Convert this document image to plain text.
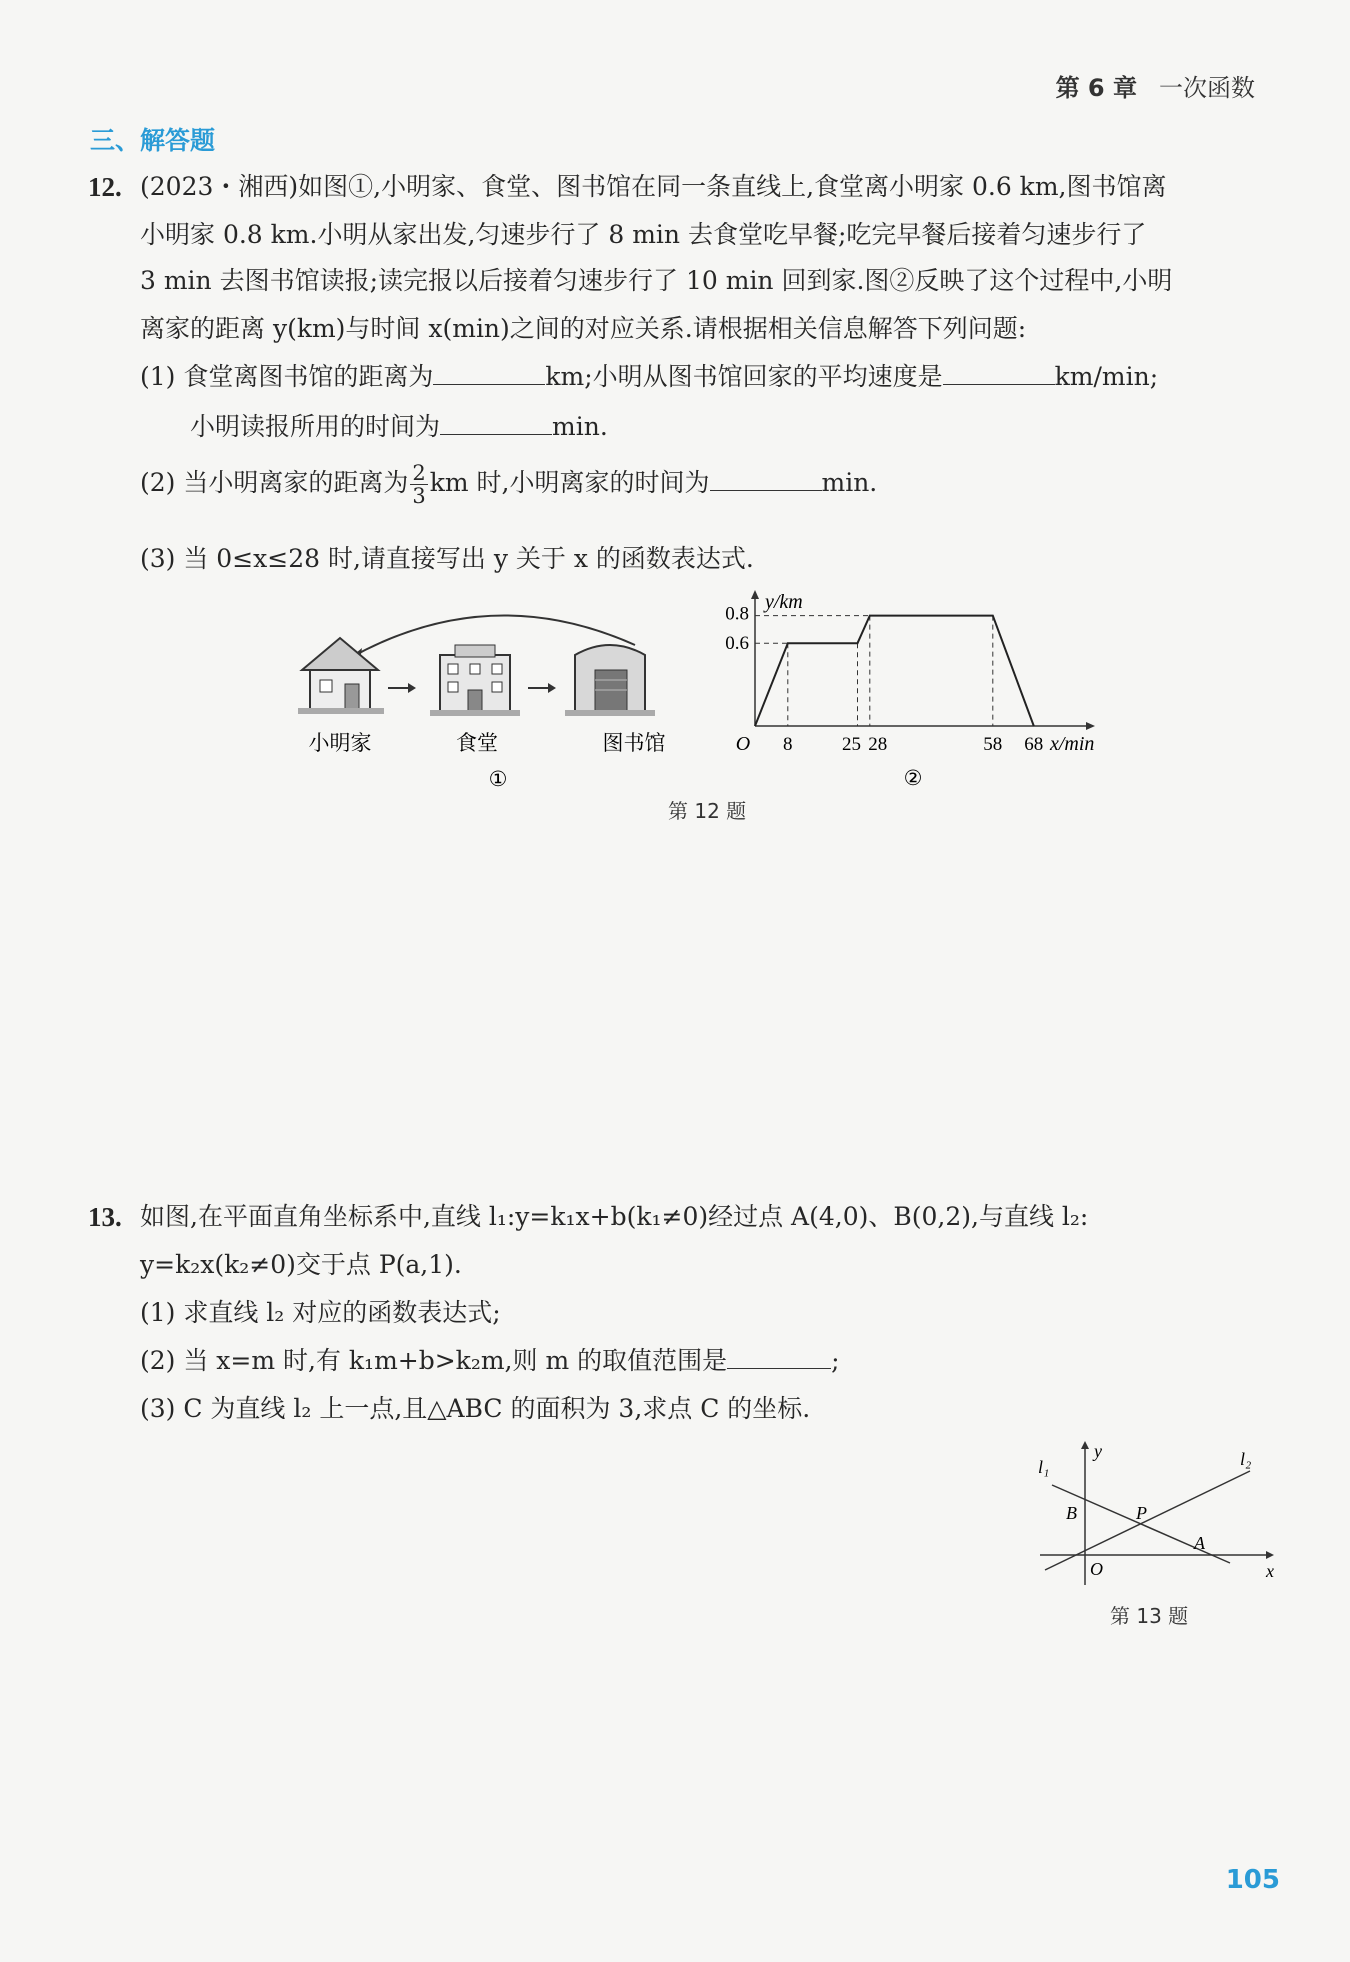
第 6 章 一次函数
三、解答题
12. (2023・湘西)如图①,小明家、食堂、图书馆在同一条直线上,食堂离小明家 0.6 km,图书馆离
小明家 0.8 km.小明从家出发,匀速步行了 8 min 去食堂吃早餐;吃完早餐后接着匀速步行了
3 min 去图书馆读报;读完报以后接着匀速步行了 10 min 回到家.图②反映了这个过程中,小明
离家的距离 y(km)与时间 x(min)之间的对应关系.请根据相关信息解答下列问题:
(1) 食堂离图书馆的距离为	km;小明从图书馆回家的平均速度是	km/min;
小明读报所用的时间为	min.
(2) 当小明离家的距离为 $\frac{2}{3}$ km 时,小明离家的时间为	min.
(3) 当 0≤x≤28 时,请直接写出 y 关于 x 的函数表达式.
小明家	食堂	图书馆
①
y/km
x/min
O
②
8	25 28	58 68
0.8
0.6
第 12 题
13. 如图,在平面直角坐标系中,直线 l₁:y=k₁x+b(k₁≠0)经过点 A(4,0)、B(0,2),与直线 l₂:
y=k₂x(k₂≠0)交于点 P(a,1).
(1) 求直线 l₂ 对应的函数表达式;
(2) 当 x=m 时,有 k₁m+b>k₂m,则 m 的取值范围是	;
(3) C 为直线 l₂ 上一点,且△ABC 的面积为 3,求点 C 的坐标.
y
x
l₁	l₂
B	P
A
O
第 13 题
105
